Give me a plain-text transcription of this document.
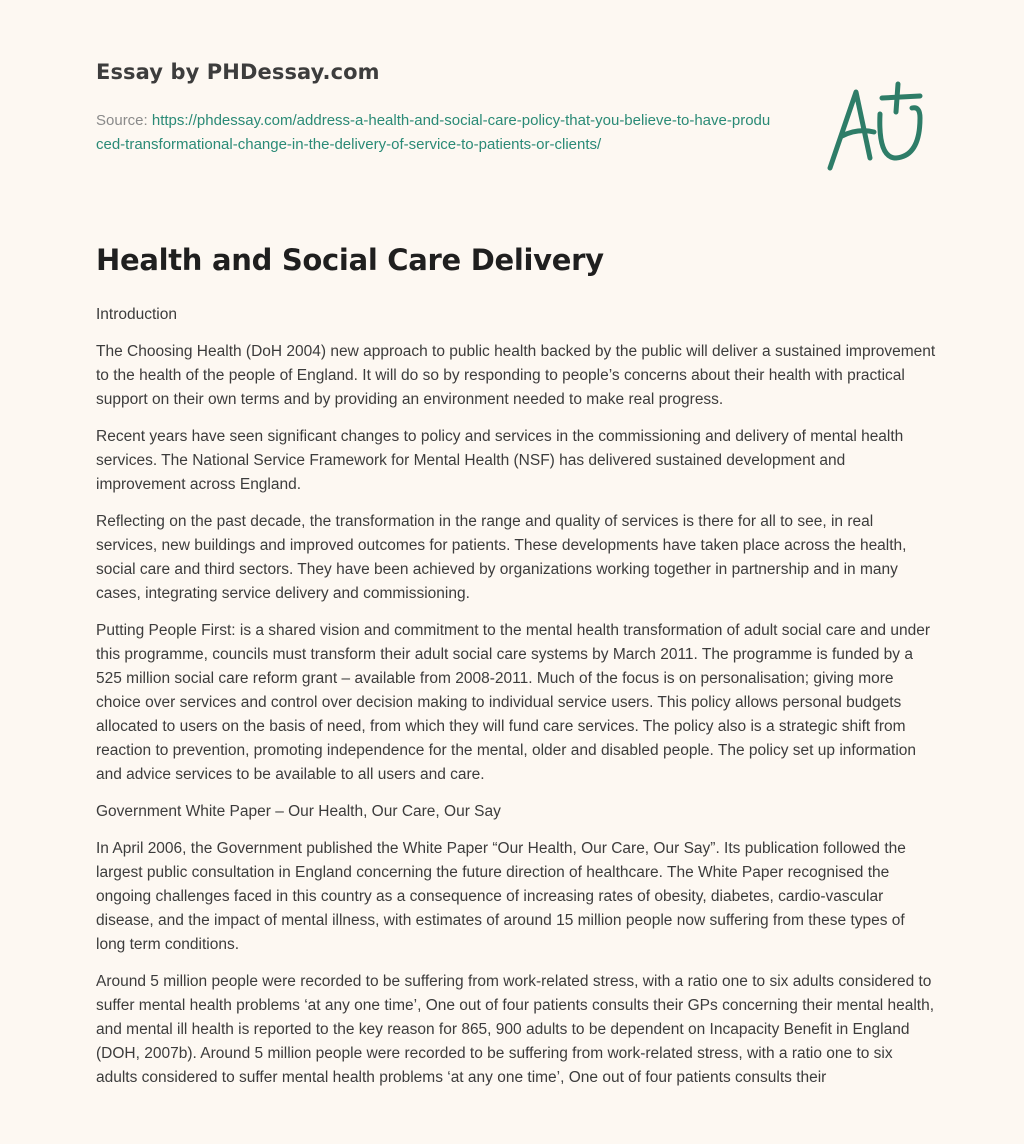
Essay by PHDessay.com

Source: https://phdessay.com/address-a-health-and-social-care-policy-that-you-believe-to-have-produced-transformational-change-in-the-delivery-of-service-to-patients-or-clients/

Health and Social Care Delivery

Introduction

The Choosing Health (DoH 2004) new approach to public health backed by the public will deliver a sustained improvement to the health of the people of England. It will do so by responding to people’s concerns about their health with practical support on their own terms and by providing an environment needed to make real progress.

Recent years have seen significant changes to policy and services in the commissioning and delivery of mental health services. The National Service Framework for Mental Health (NSF) has delivered sustained development and improvement across England.

Reflecting on the past decade, the transformation in the range and quality of services is there for all to see, in real services, new buildings and improved outcomes for patients. These developments have taken place across the health, social care and third sectors. They have been achieved by organizations working together in partnership and in many cases, integrating service delivery and commissioning.

Putting People First: is a shared vision and commitment to the mental health transformation of adult social care and under this programme, councils must transform their adult social care systems by March 2011. The programme is funded by a 525 million social care reform grant – available from 2008-2011. Much of the focus is on personalisation; giving more choice over services and control over decision making to individual service users. This policy allows personal budgets allocated to users on the basis of need, from which they will fund care services. The policy also is a strategic shift from reaction to prevention, promoting independence for the mental, older and disabled people. The policy set up information and advice services to be available to all users and care.

Government White Paper – Our Health, Our Care, Our Say

In April 2006, the Government published the White Paper “Our Health, Our Care, Our Say”. Its publication followed the largest public consultation in England concerning the future direction of healthcare. The White Paper recognised the ongoing challenges faced in this country as a consequence of increasing rates of obesity, diabetes, cardio-vascular disease, and the impact of mental illness, with estimates of around 15 million people now suffering from these types of long term conditions.

Around 5 million people were recorded to be suffering from work-related stress, with a ratio one to six adults considered to suffer mental health problems ‘at any one time’, One out of four patients consults their GPs concerning their mental health, and mental ill health is reported to the key reason for 865, 900 adults to be dependent on Incapacity Benefit in England (DOH, 2007b). Around 5 million people were recorded to be suffering from work-related stress, with a ratio one to six adults considered to suffer mental health problems ‘at any one time’, One out of four patients consults their
